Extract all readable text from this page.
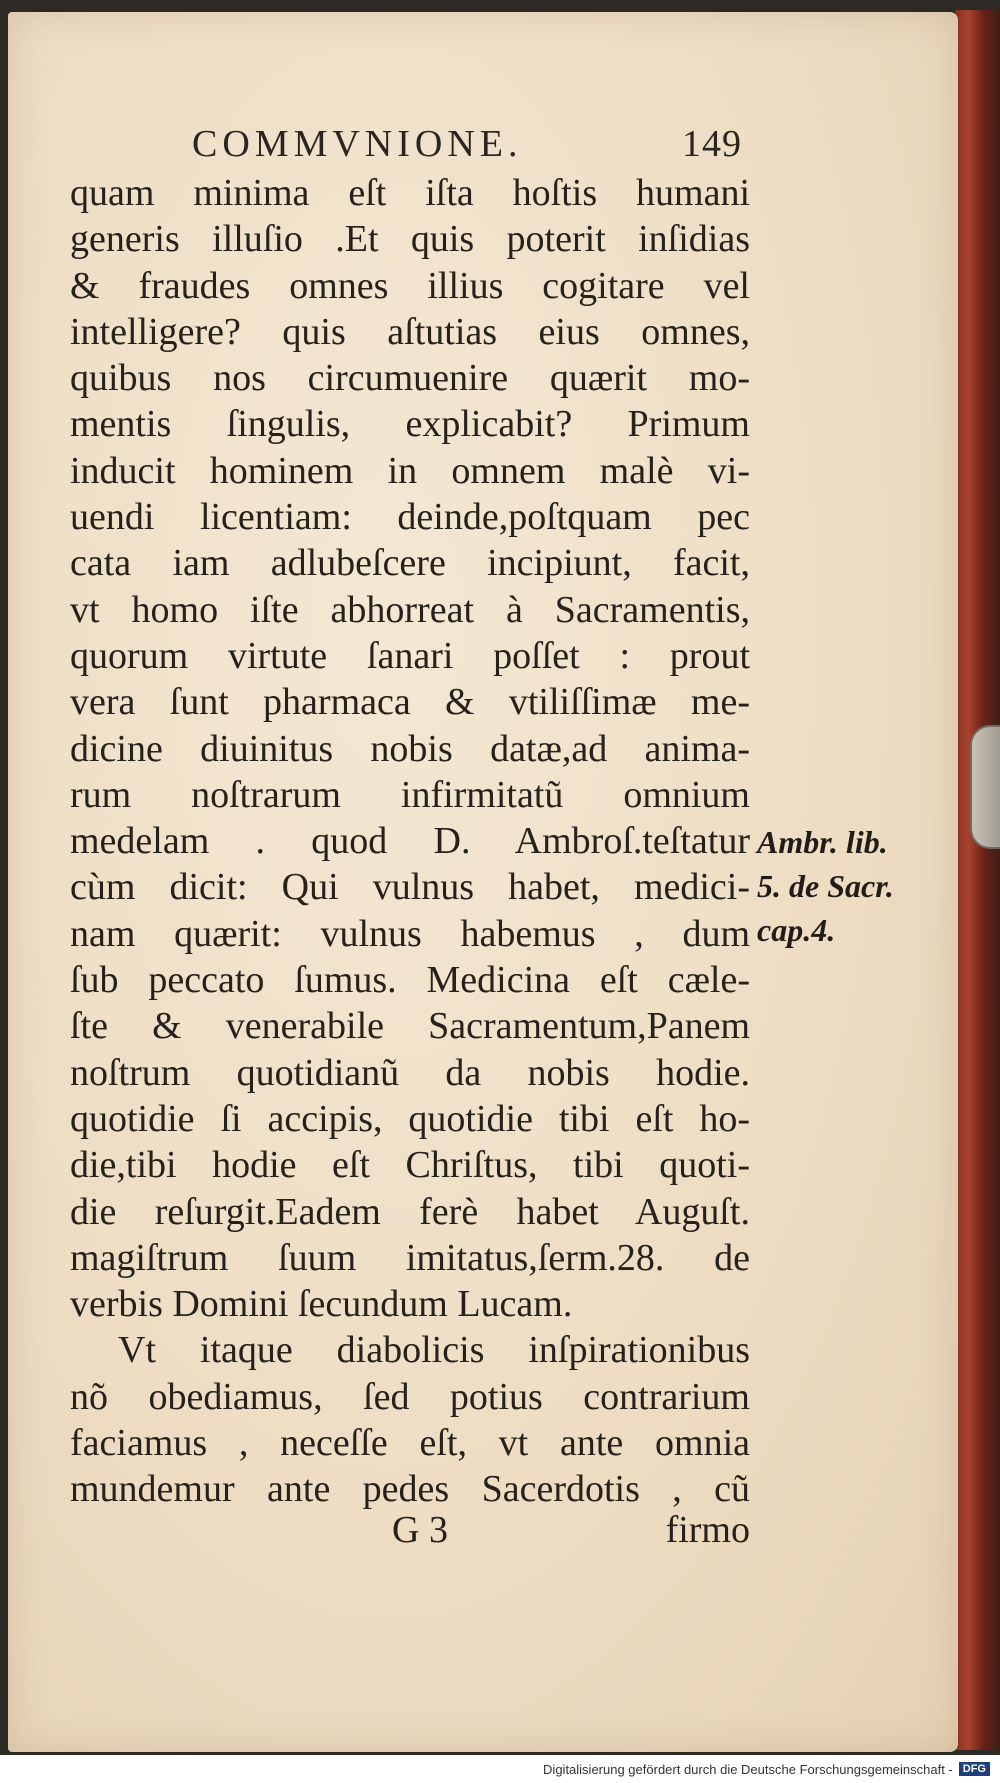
COMMVNIONE.	149
quam minima eſt iſta hoſtis humani
generis illuſio .Et quis poterit inſidias
& fraudes omnes illius cogitare vel
intelligere? quis aſtutias eius omnes,
quibus nos circumuenire quærit mo-
mentis ſingulis, explicabit? Primum
inducit hominem in omnem malè vi-
uendi licentiam: deinde,poſtquam pec
cata iam adlubeſcere incipiunt, facit,
vt homo iſte abhorreat à Sacramentis,
quorum virtute ſanari poſſet : prout
vera ſunt pharmaca & vtiliſſimæ me-
dicine diuinitus nobis datæ,ad anima-
rum noſtrarum infirmitatũ omnium
medelam . quod D. Ambroſ.teſtatur
cùm dicit: Qui vulnus habet, medici-
nam quærit: vulnus habemus , dum
ſub peccato ſumus. Medicina eſt cæle-
ſte & venerabile Sacramentum,Panem
noſtrum quotidianũ da nobis hodie.
quotidie ſi accipis, quotidie tibi eſt ho-
die,tibi hodie eſt Chriſtus, tibi quoti-
die reſurgit.Eadem ferè habet Auguſt.
magiſtrum ſuum imitatus,ſerm.28. de
verbis Domini ſecundum Lucam.
Vt itaque diabolicis inſpirationibus
nõ obediamus, ſed potius contrarium
faciamus , neceſſe eſt, vt ante omnia
mundemur ante pedes Sacerdotis , cũ
Ambr. lib.
5. de Sacr.
cap.4.
G 3	firmo
Digitalisierung gefördert durch die Deutsche Forschungsgemeinschaft - DFG
